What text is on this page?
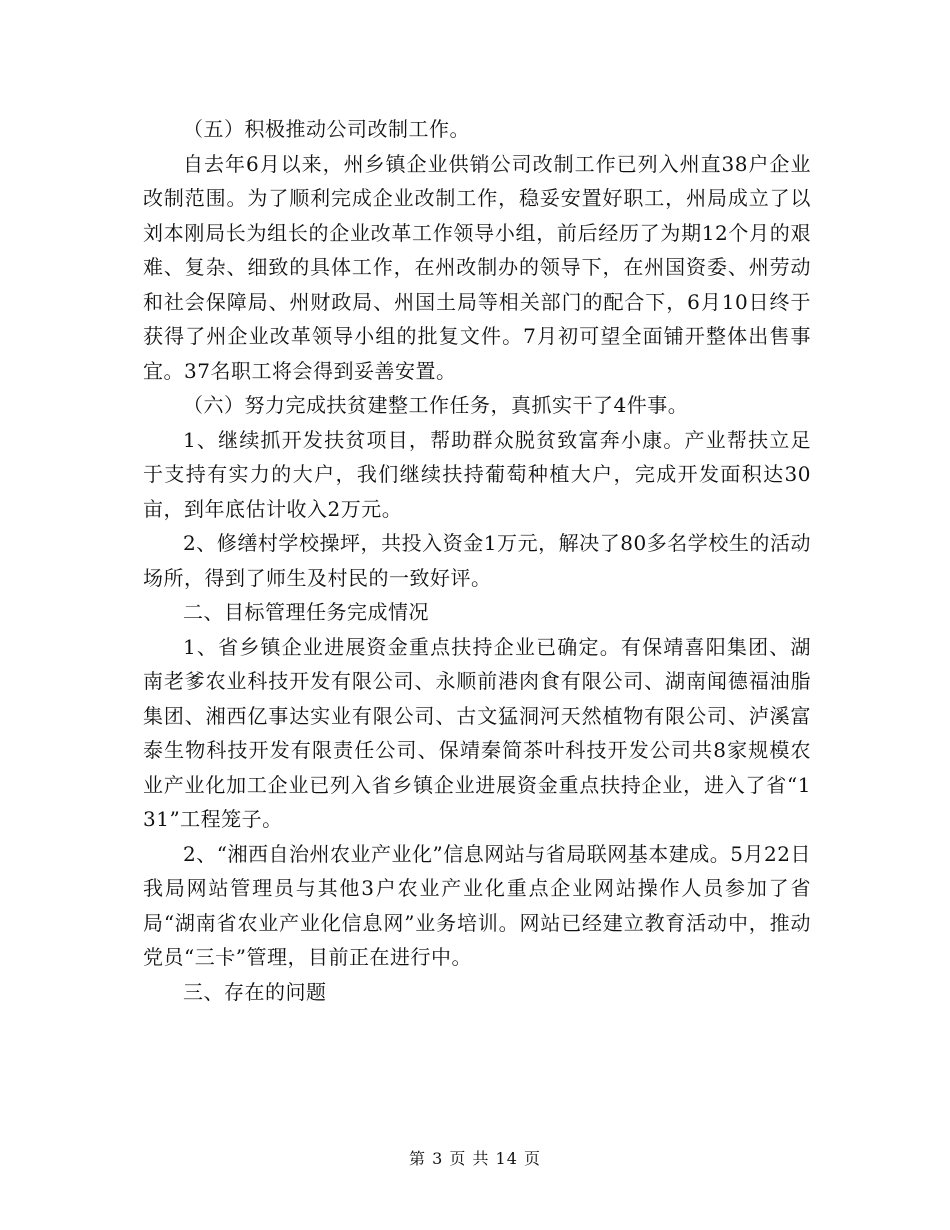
（五）积极推动公司改制工作。

自去年6月以来，州乡镇企业供销公司改制工作已列入州直38户企业改制范围。为了顺利完成企业改制工作，稳妥安置好职工，州局成立了以刘本刚局长为组长的企业改革工作领导小组，前后经历了为期12个月的艰难、复杂、细致的具体工作，在州改制办的领导下，在州国资委、州劳动和社会保障局、州财政局、州国土局等相关部门的配合下，6月10日终于获得了州企业改革领导小组的批复文件。7月初可望全面铺开整体出售事宜。37名职工将会得到妥善安置。

（六）努力完成扶贫建整工作任务，真抓实干了4件事。

1、继续抓开发扶贫项目，帮助群众脱贫致富奔小康。产业帮扶立足于支持有实力的大户，我们继续扶持葡萄种植大户，完成开发面积达30亩，到年底估计收入2万元。

2、修缮村学校操坪，共投入资金1万元，解决了80多名学校生的活动场所，得到了师生及村民的一致好评。

二、目标管理任务完成情况

1、省乡镇企业进展资金重点扶持企业已确定。有保靖喜阳集团、湖南老爹农业科技开发有限公司、永顺前港肉食有限公司、湖南闻德福油脂集团、湘西亿事达实业有限公司、古文猛洞河天然植物有限公司、泸溪富泰生物科技开发有限责任公司、保靖秦简茶叶科技开发公司共8家规模农业产业化加工企业已列入省乡镇企业进展资金重点扶持企业，进入了省“131”工程笼子。

2、“湘西自治州农业产业化”信息网站与省局联网基本建成。5月22日我局网站管理员与其他3户农业产业化重点企业网站操作人员参加了省局“湖南省农业产业化信息网”业务培训。网站已经建立教育活动中，推动党员“三卡”管理，目前正在进行中。

三、存在的问题

第 3 页 共 14 页
